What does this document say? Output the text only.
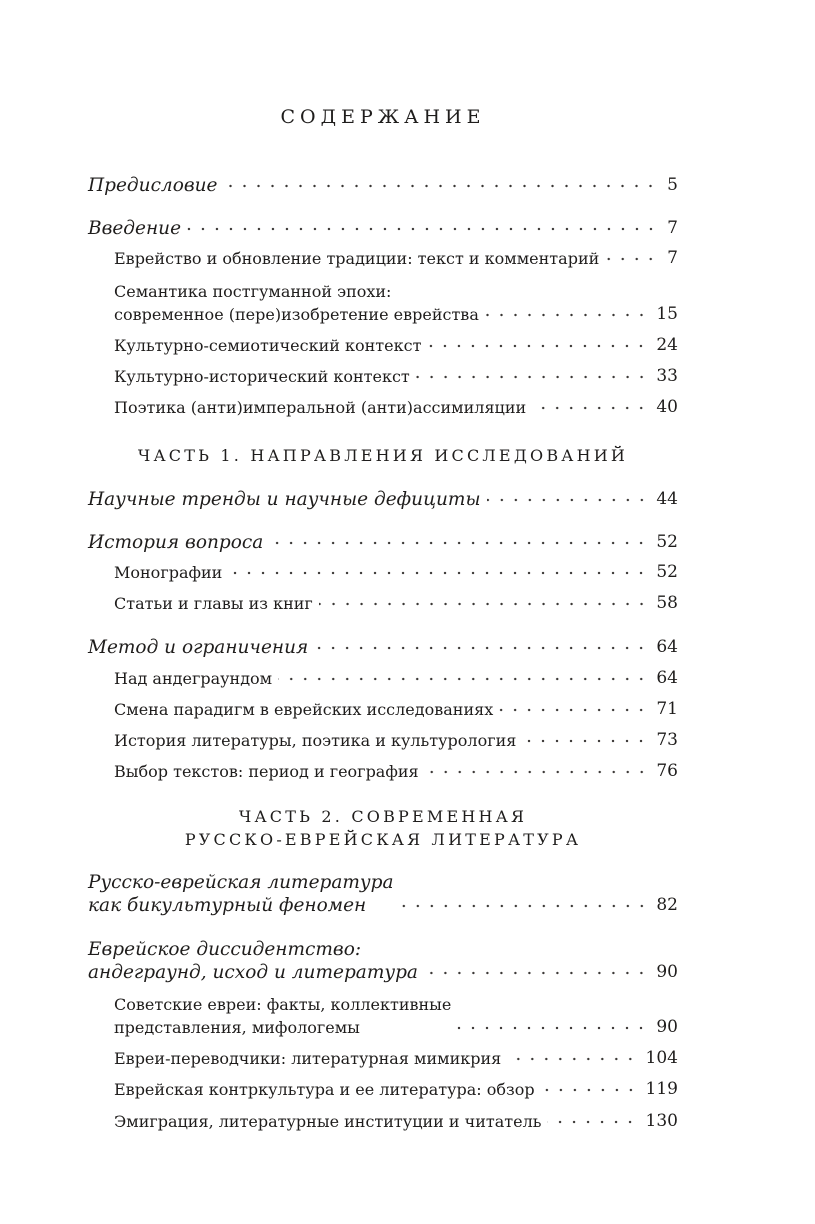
СОДЕРЖАНИЕ
Предисловие	5
Введение	7
Еврейство и обновление традиции: текст и комментарий	7
Семантика постгуманной эпохи:
современное (пере)изобретение еврейства	15
Культурно-семиотический контекст	24
Культурно-исторический контекст	33
Поэтика (анти)имперальной (анти)ассимиляции	40
ЧАСТЬ 1. НАПРАВЛЕНИЯ ИССЛЕДОВАНИЙ
Научные тренды и научные дефициты	44
История вопроса	52
Монографии	52
Статьи и главы из книг	58
Метод и ограничения	64
Над андеграундом	64
Смена парадигм в еврейских исследованиях	71
История литературы, поэтика и культурология	73
Выбор текстов: период и география	76
ЧАСТЬ 2. СОВРЕМЕННАЯ
РУССКО-ЕВРЕЙСКАЯ ЛИТЕРАТУРА
Русско-еврейская литература
как бикультурный феномен	82
Еврейское диссидентство:
андеграунд, исход и литература	90
Советские евреи: факты, коллективные
представления, мифологемы	90
Евреи-переводчики: литературная мимикрия	104
Еврейская контркультура и ее литература: обзор	119
Эмиграция, литературные институции и читатель	130
